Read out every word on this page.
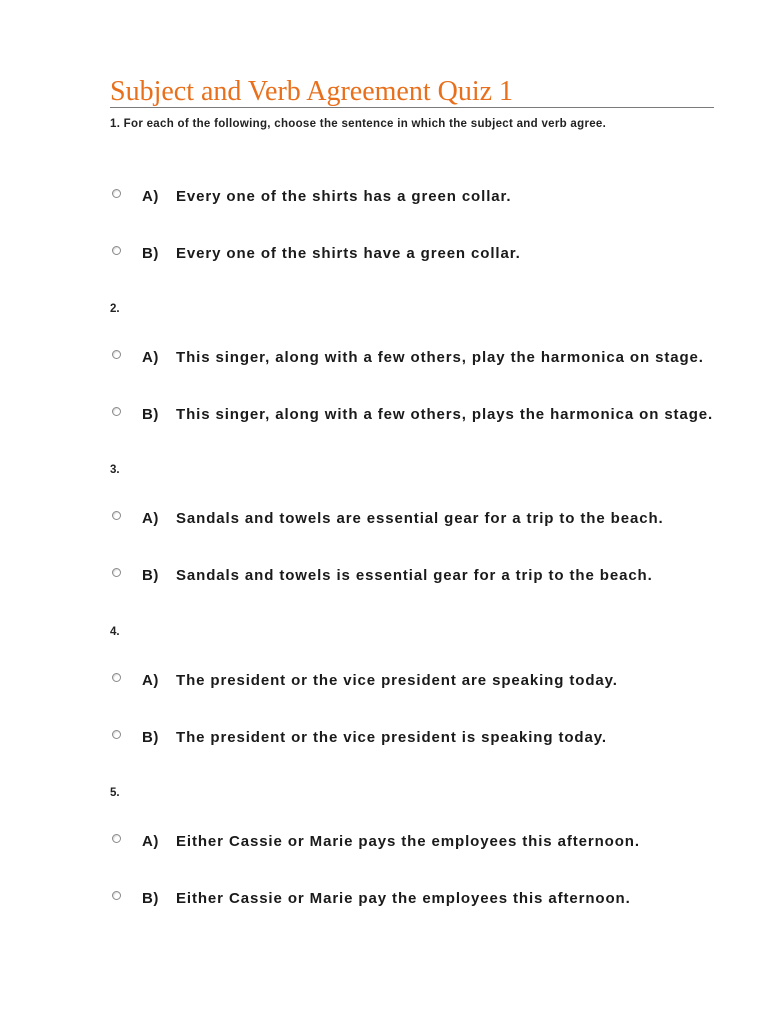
Subject and Verb Agreement Quiz 1
1. For each of the following, choose the sentence in which the subject and verb agree.
A) Every one of the shirts has a green collar.
B) Every one of the shirts have a green collar.
2.
A) This singer, along with a few others, play the harmonica on stage.
B) This singer, along with a few others, plays the harmonica on stage.
3.
A) Sandals and towels are essential gear for a trip to the beach.
B) Sandals and towels is essential gear for a trip to the beach.
4.
A) The president or the vice president are speaking today.
B) The president or the vice president is speaking today.
5.
A) Either Cassie or Marie pays the employees this afternoon.
B) Either Cassie or Marie pay the employees this afternoon.
